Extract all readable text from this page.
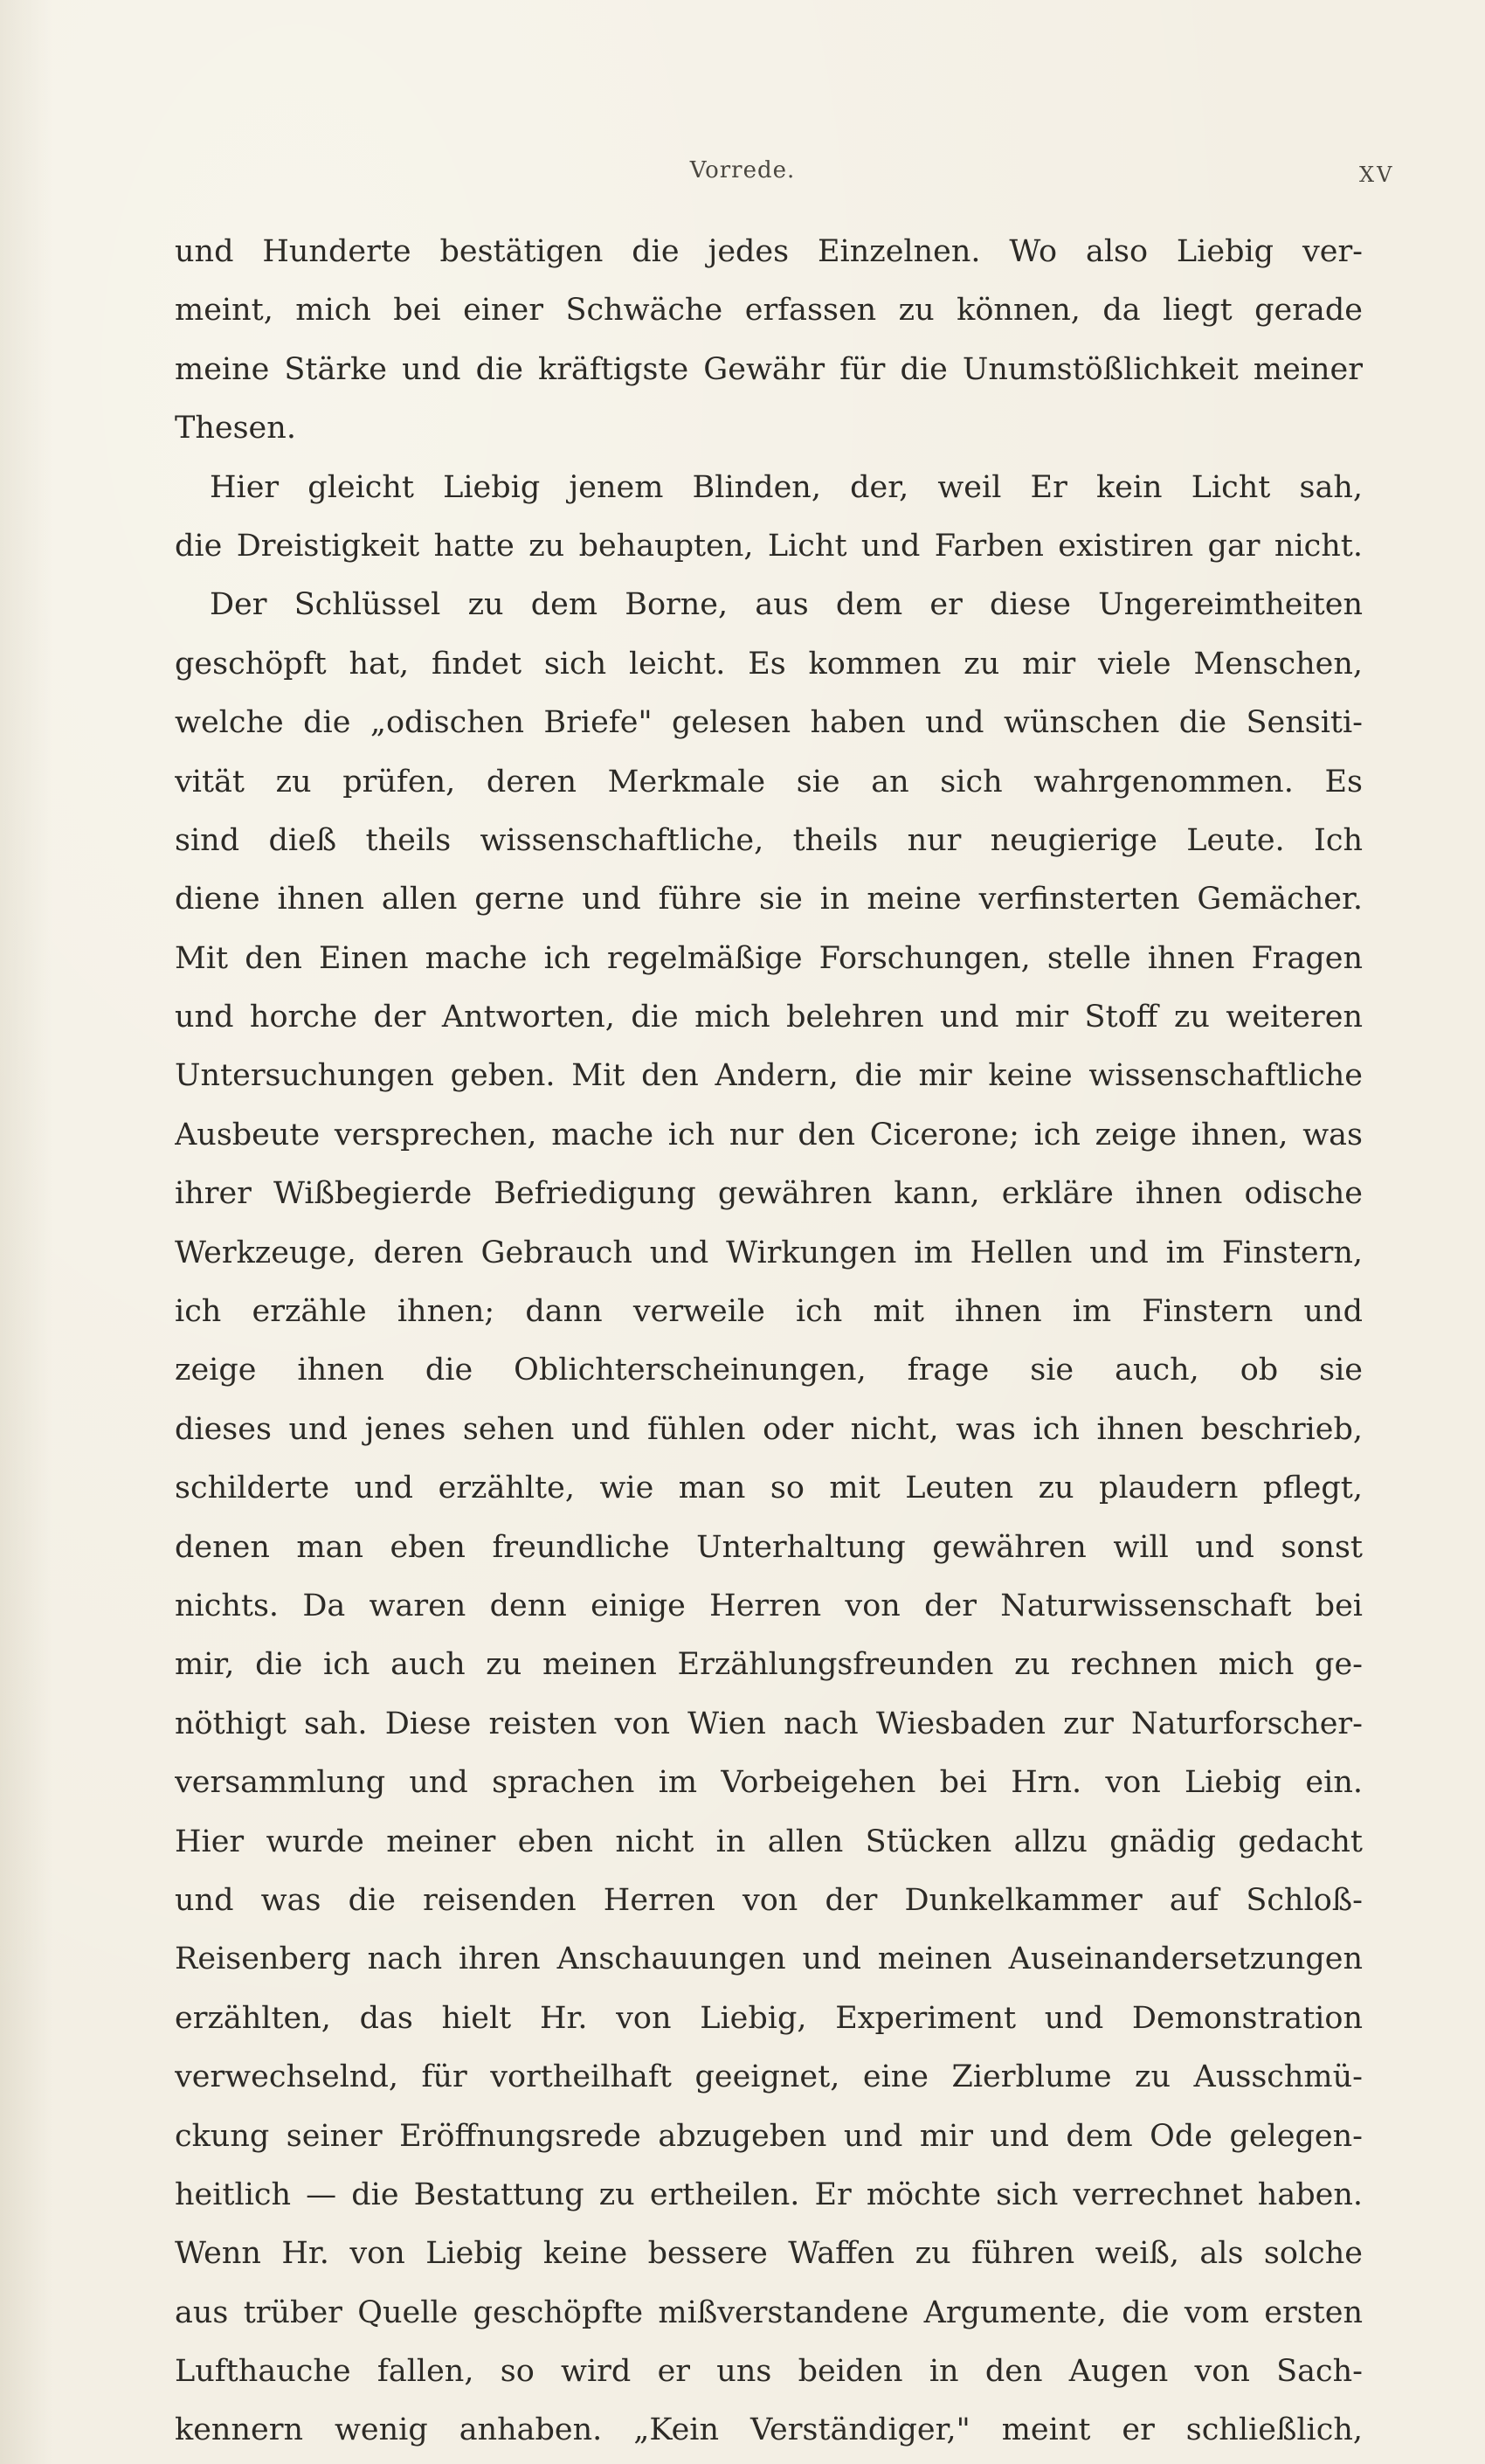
Vorrede.	XV
und Hunderte bestätigen die jedes Einzelnen. Wo also Liebig ver-
meint, mich bei einer Schwäche erfassen zu können, da liegt gerade
meine Stärke und die kräftigste Gewähr für die Unumstößlichkeit meiner
Thesen.
Hier gleicht Liebig jenem Blinden, der, weil Er kein Licht sah,
die Dreistigkeit hatte zu behaupten, Licht und Farben existiren gar nicht.
Der Schlüssel zu dem Borne, aus dem er diese Ungereimtheiten
geschöpft hat, findet sich leicht. Es kommen zu mir viele Menschen,
welche die „odischen Briefe" gelesen haben und wünschen die Sensiti-
vität zu prüfen, deren Merkmale sie an sich wahrgenommen. Es
sind dieß theils wissenschaftliche, theils nur neugierige Leute. Ich
diene ihnen allen gerne und führe sie in meine verfinsterten Gemächer.
Mit den Einen mache ich regelmäßige Forschungen, stelle ihnen Fragen
und horche der Antworten, die mich belehren und mir Stoff zu weiteren
Untersuchungen geben. Mit den Andern, die mir keine wissenschaftliche
Ausbeute versprechen, mache ich nur den Cicerone; ich zeige ihnen, was
ihrer Wißbegierde Befriedigung gewähren kann, erkläre ihnen odische
Werkzeuge, deren Gebrauch und Wirkungen im Hellen und im Finstern,
ich erzähle ihnen; dann verweile ich mit ihnen im Finstern und
zeige ihnen die Oblichterscheinungen, frage sie auch, ob sie
dieses und jenes sehen und fühlen oder nicht, was ich ihnen beschrieb,
schilderte und erzählte, wie man so mit Leuten zu plaudern pflegt,
denen man eben freundliche Unterhaltung gewähren will und sonst
nichts. Da waren denn einige Herren von der Naturwissenschaft bei
mir, die ich auch zu meinen Erzählungsfreunden zu rechnen mich ge-
nöthigt sah. Diese reisten von Wien nach Wiesbaden zur Naturforscher-
versammlung und sprachen im Vorbeigehen bei Hrn. von Liebig ein.
Hier wurde meiner eben nicht in allen Stücken allzu gnädig gedacht
und was die reisenden Herren von der Dunkelkammer auf Schloß-
Reisenberg nach ihren Anschauungen und meinen Auseinandersetzungen
erzählten, das hielt Hr. von Liebig, Experiment und Demonstration
verwechselnd, für vortheilhaft geeignet, eine Zierblume zu Ausschmü-
ckung seiner Eröffnungsrede abzugeben und mir und dem Ode gelegen-
heitlich — die Bestattung zu ertheilen. Er möchte sich verrechnet haben.
Wenn Hr. von Liebig keine bessere Waffen zu führen weiß, als solche
aus trüber Quelle geschöpfte mißverstandene Argumente, die vom ersten
Lufthauche fallen, so wird er uns beiden in den Augen von Sach-
kennern wenig anhaben. „Kein Verständiger," meint er schließlich,
